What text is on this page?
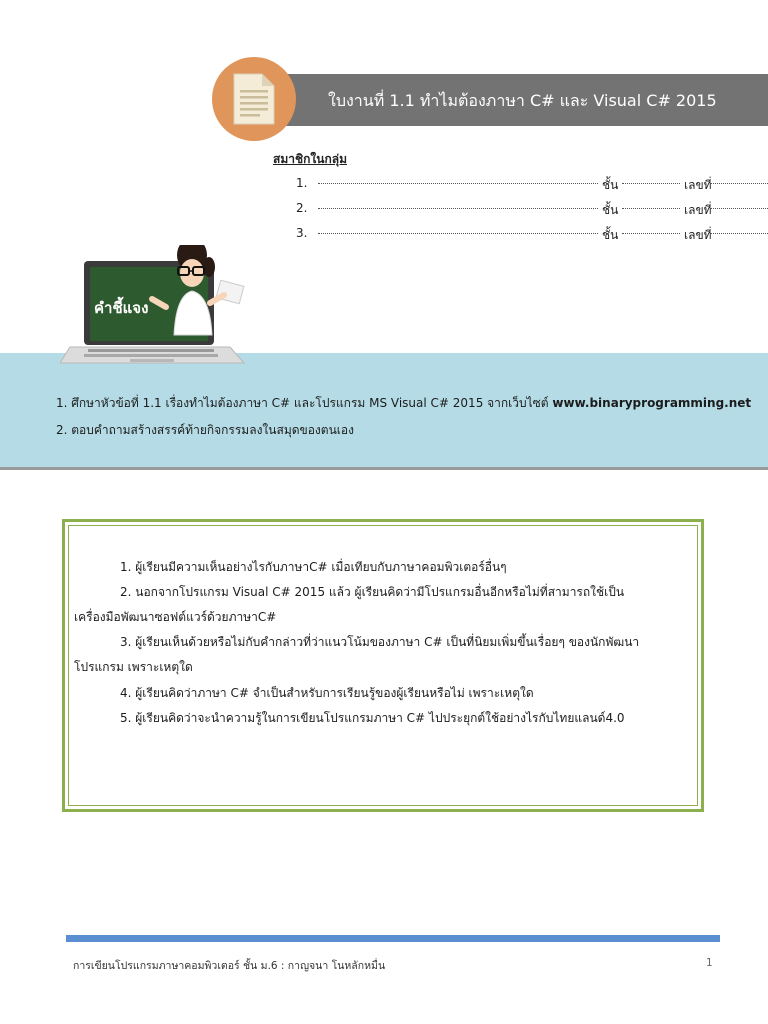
ใบงานที่ 1.1 ทำไมต้องภาษา C# และ Visual C# 2015
สมาชิกในกลุ่ม
1.	ชั้น	เลขที่
2.	ชั้น	เลขที่
3.	ชั้น	เลขที่
1. ศึกษาหัวข้อที่ 1.1 เรื่องทำไมต้องภาษา C# และโปรแกรม MS Visual C# 2015 จากเว็บไซต์ www.binaryprogramming.net
2. ตอบคำถามสร้างสรรค์ท้ายกิจกรรมลงในสมุดของตนเอง
คำชี้แจง
1. ผู้เรียนมีความเห็นอย่างไรกับภาษาC# เมื่อเทียบกับภาษาคอมพิวเตอร์อื่นๆ
2. นอกจากโปรแกรม Visual C# 2015 แล้ว ผู้เรียนคิดว่ามีโปรแกรมอื่นอีกหรือไม่ที่สามารถใช้เป็น
เครื่องมือพัฒนาซอฟต์แวร์ด้วยภาษาC#
3. ผู้เรียนเห็นด้วยหรือไม่กับคำกล่าวที่ว่าแนวโน้มของภาษา C# เป็นที่นิยมเพิ่มขึ้นเรื่อยๆ ของนักพัฒนา
โปรแกรม เพราะเหตุใด
4. ผู้เรียนคิดว่าภาษา C# จำเป็นสำหรับการเรียนรู้ของผู้เรียนหรือไม่ เพราะเหตุใด
5. ผู้เรียนคิดว่าจะนำความรู้ในการเขียนโปรแกรมภาษา C# ไปประยุกต์ใช้อย่างไรกับไทยแลนด์4.0
การเขียนโปรแกรมภาษาคอมพิวเตอร์ ชั้น ม.6 : กาญจนา โนหลักหมื่น	1
